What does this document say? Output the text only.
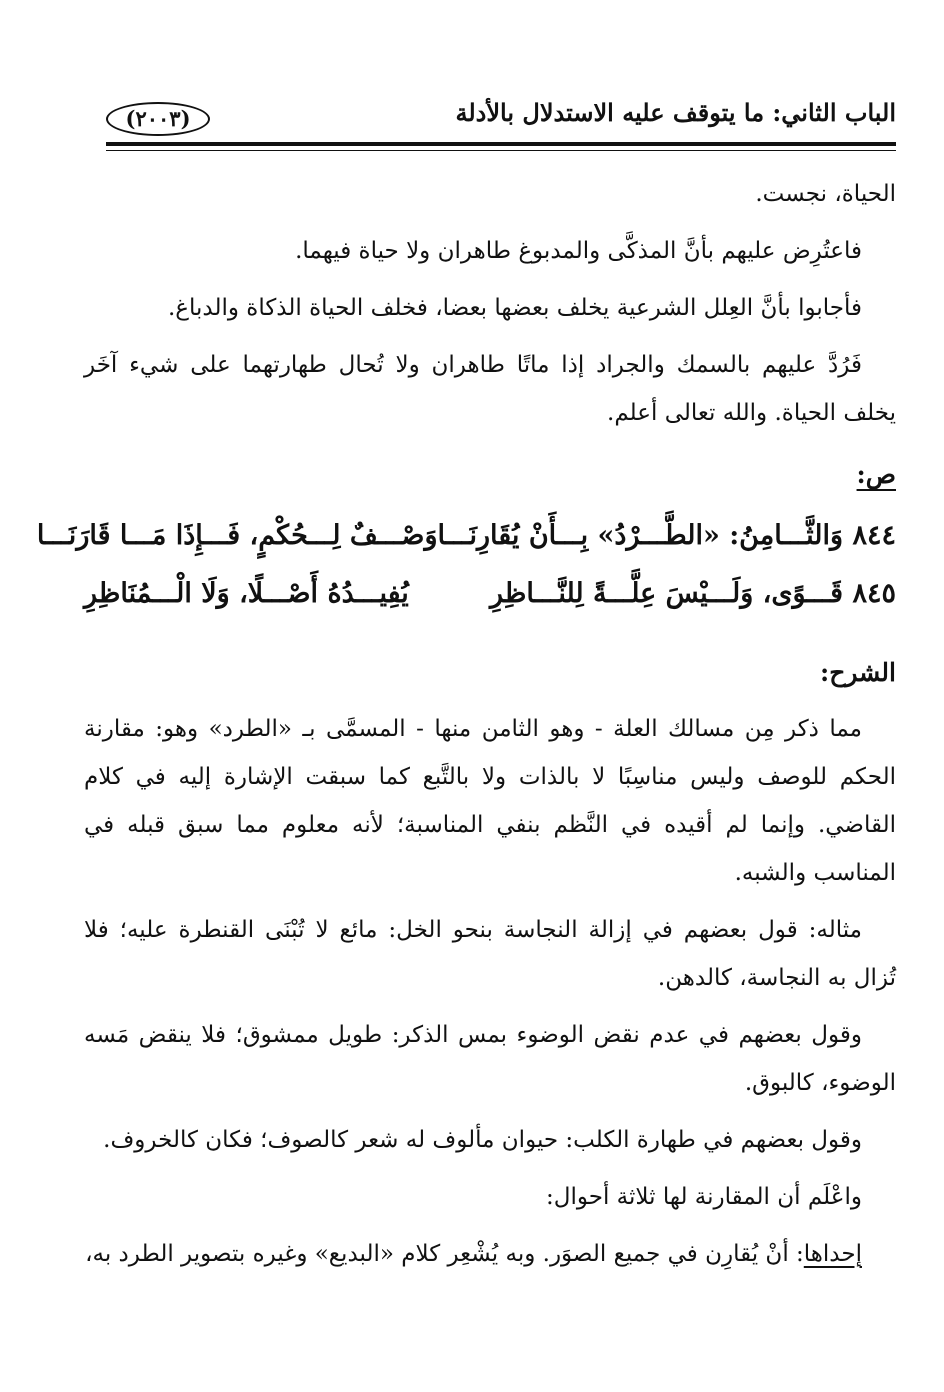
الباب الثاني: ما يتوقف عليه الاستدلال بالأدلة
(٢٠٠٣)

الحياة، نجست.

فاعتُرِض عليهم بأنَّ المذكَّى والمدبوغ طاهران ولا حياة فيهما.

فأجابوا بأنَّ العِلل الشرعية يخلف بعضها بعضا، فخلف الحياة الذكاة والدباغ.

فَرُدَّ عليهم بالسمك والجراد إذا ماتًا طاهران ولا تُحال طهارتهما على شيء آخَر يخلف الحياة. والله تعالى أعلم.

ص:
٨٤٤ وَالثَّـــامِنُ: «الطَّـــرْدُ» بِـــأَنْ يُقَارِنَـــا
وَصْـــفٌ لِـــحُكْمٍ، فَـــإِذَا مَـــا قَارَنَـــا
٨٤٥ قَـــوًى، وَلَـــيْسَ عِلَّـــةً لِلنَّـــاظِرِ
يُفِيـــدُهُ أَصْـــلًا، وَلَا الْـــمُنَاظِرِ
الشرح:

مما ذكر مِن مسالك العلة - وهو الثامن منها - المسمَّى بـ «الطرد» وهو: مقارنة الحكم للوصف وليس مناسِبًا لا بالذات ولا بالتَّبع كما سبقت الإشارة إليه في كلام القاضي. وإنما لم أقيده في النَّظم بنفي المناسبة؛ لأنه معلوم مما سبق قبله في المناسب والشبه.

مثاله: قول بعضهم في إزالة النجاسة بنحو الخل: مائع لا تُبْنَى القنطرة عليه؛ فلا تُزال به النجاسة، كالدهن.

وقول بعضهم في عدم نقض الوضوء بمس الذكر: طويل ممشوق؛ فلا ينقض مَسه الوضوء، كالبوق.

وقول بعضهم في طهارة الكلب: حيوان مألوف له شعر كالصوف؛ فكان كالخروف.

واعْلَم أن المقارنة لها ثلاثة أحوال:

إحداها: أنْ يُقارِن في جميع الصوَر. وبه يُشْعِر كلام «البديع» وغيره بتصوير الطرد به،
